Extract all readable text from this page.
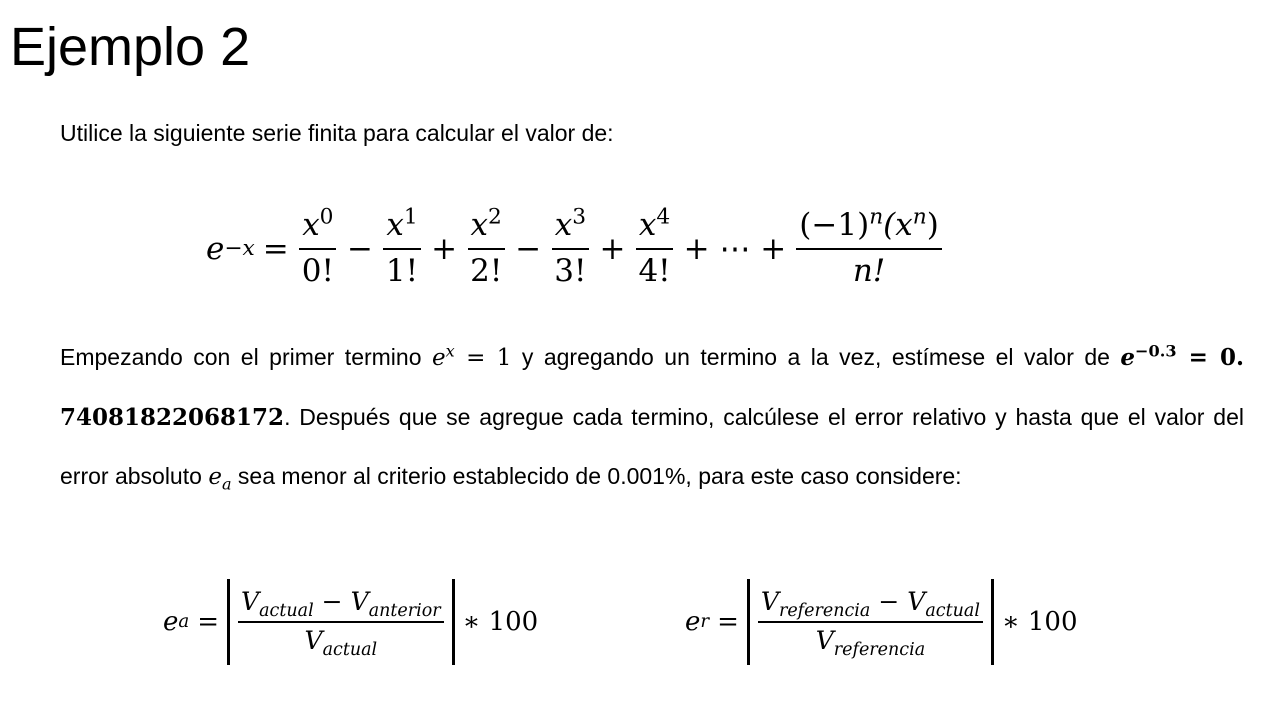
Ejemplo 2
Utilice la siguiente serie finita para calcular el valor de:
$e -x = \frac{x^0}{0!} - \frac{x^1}{1!} + \frac{x^2}{2!} - \frac{x^3}{3!} + \frac{x^4}{4!}$ + ⋯ + $\frac{(-1)^n(x^n)}{n!}$
Empezando con el primer termino $e^x = 1$ y agregando un termino a la vez, estímese el valor de $e^{-0.3} = 0$. 74081822068172. Después que se agregue cada termino, calcúlese el error relativo y hasta que el valor del error absoluto $e_a$ sea menor al criterio establecido de 0.001%, para este caso considere:
e $a = \frac{V_{actual} - V_{anterior}}{V_{actual}}$ ∗ 100	e $r = \frac{V_{referencia} - V_{actual}}{V_{referencia}}$ ∗ 100
